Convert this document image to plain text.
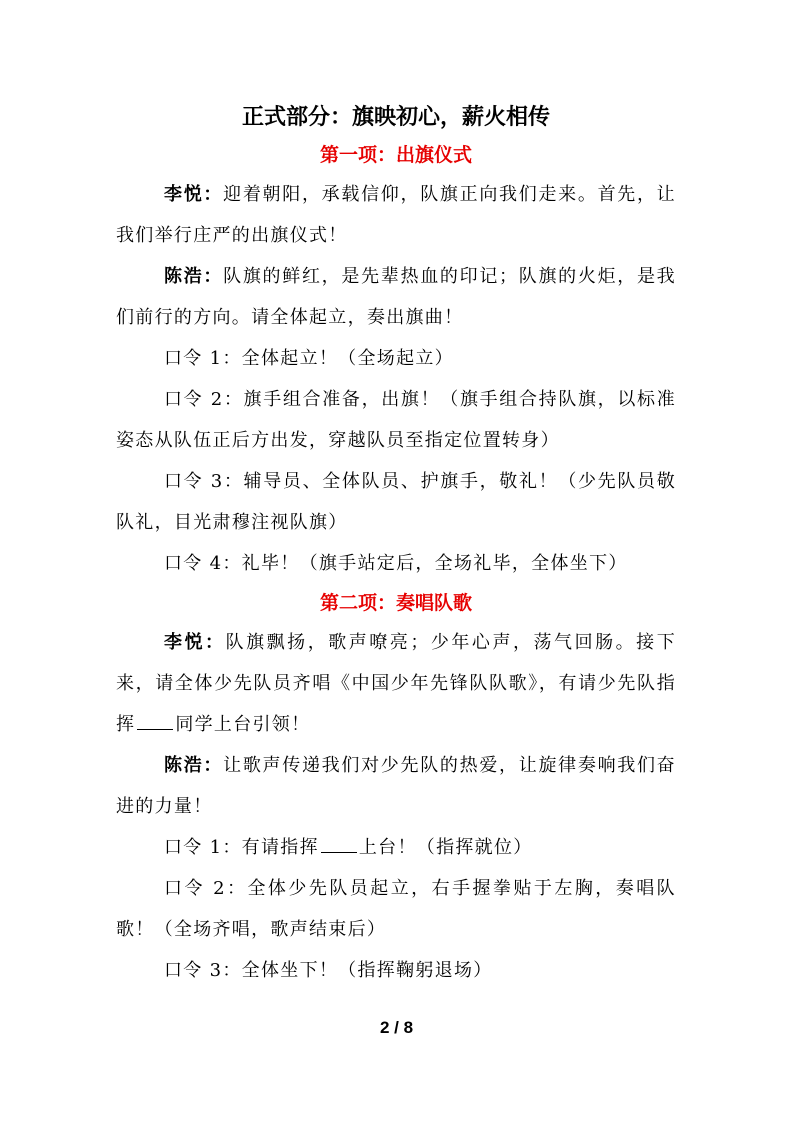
正式部分：旗映初心，薪火相传
第一项：出旗仪式

李悦：迎着朝阳，承载信仰，队旗正向我们走来。首先，让我们举行庄严的出旗仪式！

陈浩：队旗的鲜红，是先辈热血的印记；队旗的火炬，是我们前行的方向。请全体起立，奏出旗曲！

口令 1：全体起立！（全场起立）

口令 2：旗手组合准备，出旗！（旗手组合持队旗，以标准姿态从队伍正后方出发，穿越队员至指定位置转身）

口令 3：辅导员、全体队员、护旗手，敬礼！（少先队员敬队礼，目光肃穆注视队旗）

口令 4：礼毕！（旗手站定后，全场礼毕，全体坐下）

第二项：奏唱队歌

李悦：队旗飘扬，歌声嘹亮；少年心声，荡气回肠。接下来，请全体少先队员齐唱《中国少年先锋队队歌》，有请少先队指挥 同学上台引领！

陈浩：让歌声传递我们对少先队的热爱，让旋律奏响我们奋进的力量！

口令 1：有请指挥 上台！（指挥就位）

口令 2：全体少先队员起立，右手握拳贴于左胸，奏唱队歌！（全场齐唱，歌声结束后）

口令 3：全体坐下！（指挥鞠躬退场）

2 / 8
